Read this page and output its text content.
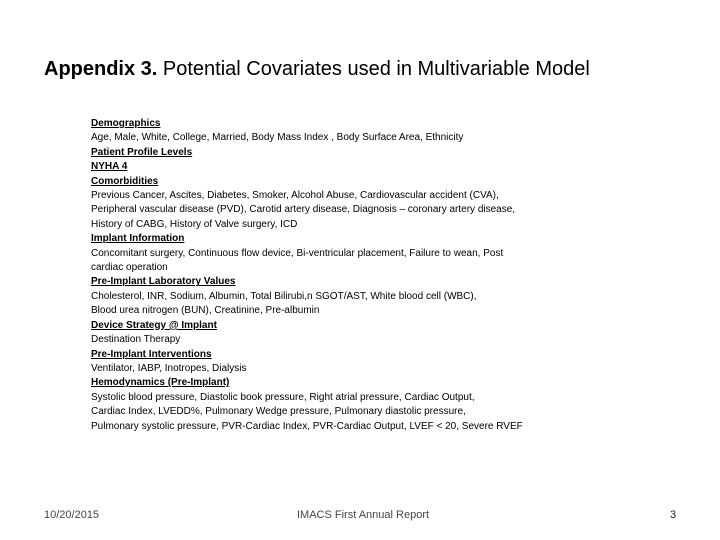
Appendix 3. Potential Covariates used in Multivariable Model
Demographics
Age, Male, White, College, Married, Body Mass Index , Body Surface Area, Ethnicity
Patient Profile Levels
NYHA 4
Comorbidities
Previous Cancer, Ascites, Diabetes, Smoker, Alcohol Abuse, Cardiovascular accident (CVA),
Peripheral vascular disease (PVD), Carotid artery disease, Diagnosis – coronary artery disease,
History of CABG, History of Valve surgery, ICD
Implant Information
Concomitant surgery, Continuous flow device, Bi-ventricular placement, Failure to wean, Post
cardiac operation
Pre-Implant Laboratory Values
Cholesterol, INR, Sodium, Albumin, Total Bilirubi,n SGOT/AST, White blood cell (WBC),
Blood urea nitrogen (BUN), Creatinine, Pre-albumin
Device Strategy @ Implant
Destination Therapy
Pre-Implant Interventions
Ventilator, IABP, Inotropes, Dialysis
Hemodynamics (Pre-Implant)
Systolic blood pressure, Diastolic book pressure, Right atrial pressure, Cardiac Output,
Cardiac Index, LVEDD%, Pulmonary Wedge pressure, Pulmonary diastolic pressure,
Pulmonary systolic pressure, PVR-Cardiac Index, PVR-Cardiac Output, LVEF < 20, Severe RVEF
10/20/2015	IMACS First Annual Report	3
